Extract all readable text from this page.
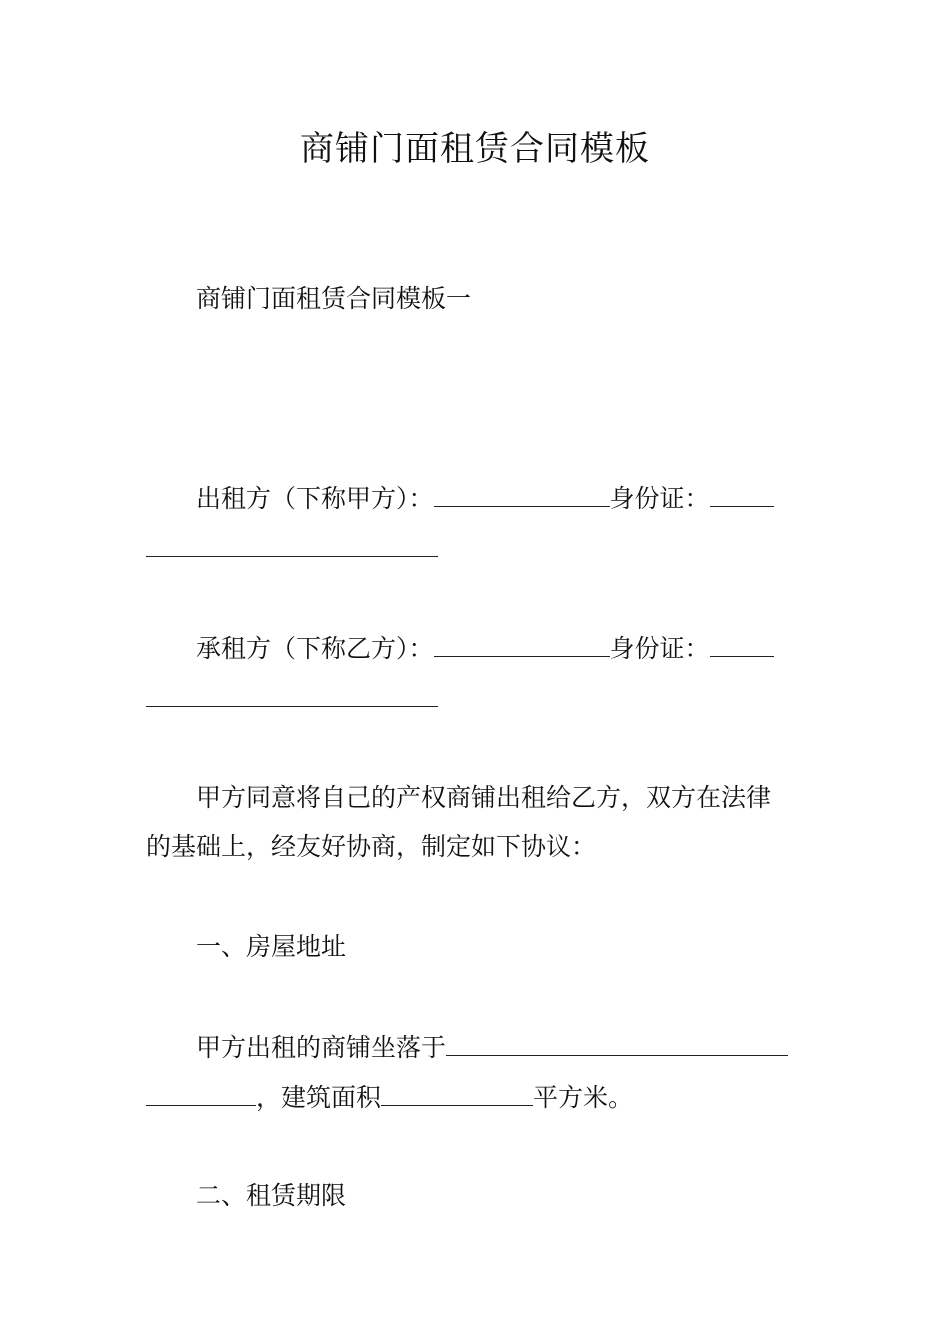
商铺门面租赁合同模板
商铺门面租赁合同模板一
出租方（下称甲方）：	身份证：
承租方（下称乙方）：	身份证：
甲方同意将自己的产权商铺出租给乙方，双方在法律
的基础上，经友好协商，制定如下协议：
一、房屋地址
甲方出租的商铺坐落于
，建筑面积	平方米。
二、租赁期限
